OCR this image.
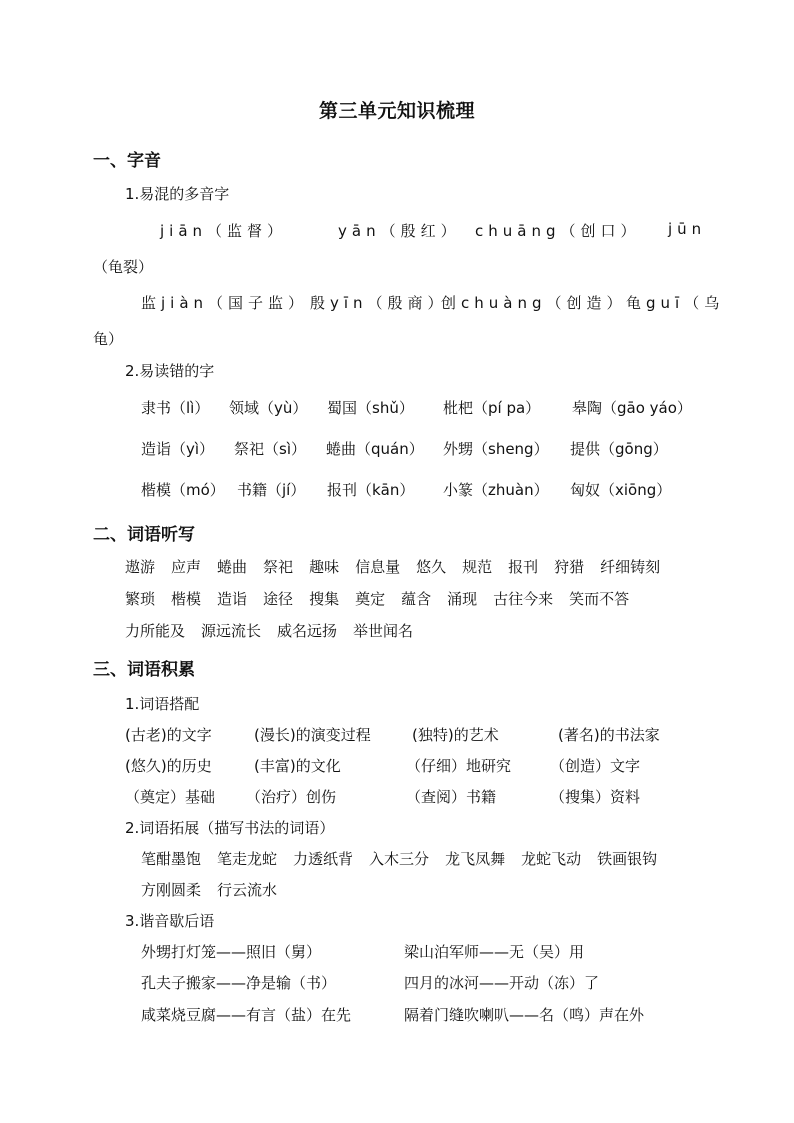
第三单元知识梳理
一、字音
1.易混的多音字
jiān（监督）	yān（殷红） chuāng（创口） jūn
（龟裂）
监jiàn（国子监） 殷yīn（殷商）
创chuàng（创造） 龟guī（乌
龟）
2.易读错的字
隶书（lì） 领域（yù） 蜀国（shǔ） 枇杷（pí pa） 皋陶（gāo yáo）
造诣（yì） 祭祀（sì） 蜷曲（quán） 外甥（sheng） 提供（gōng）
楷模（mó） 书籍（jí） 报刊（kān） 小篆（zhuàn） 匈奴（xiōng）
二、词语听写
遨游 应声 蜷曲 祭祀 趣味 信息量 悠久 规范 报刊 狩猎 纤细铸刻
繁琐 楷模 造诣 途径 搜集 奠定 蕴含 涌现 古往今来 笑而不答
力所能及 源远流长 威名远扬 举世闻名
三、词语积累
1.词语搭配
(古老)的文字	(漫长)的演变过程	(独特)的艺术	(著名)的书法家
(悠久)的历史	(丰富)的文化	（仔细）地研究	（创造）文字
（奠定）基础 （治疗）创伤	（查阅）书籍	（搜集）资料
2.词语拓展（描写书法的词语）
笔酣墨饱 笔走龙蛇 力透纸背 入木三分 龙飞凤舞 龙蛇飞动 铁画银钩
方刚圆柔 行云流水
3.谐音歇后语
外甥打灯笼——照旧（舅）	梁山泊军师——无（吴）用
孔夫子搬家——净是输（书）	四月的冰河——开动（冻）了
咸菜烧豆腐——有言（盐）在先	隔着门缝吹喇叭——名（鸣）声在外
